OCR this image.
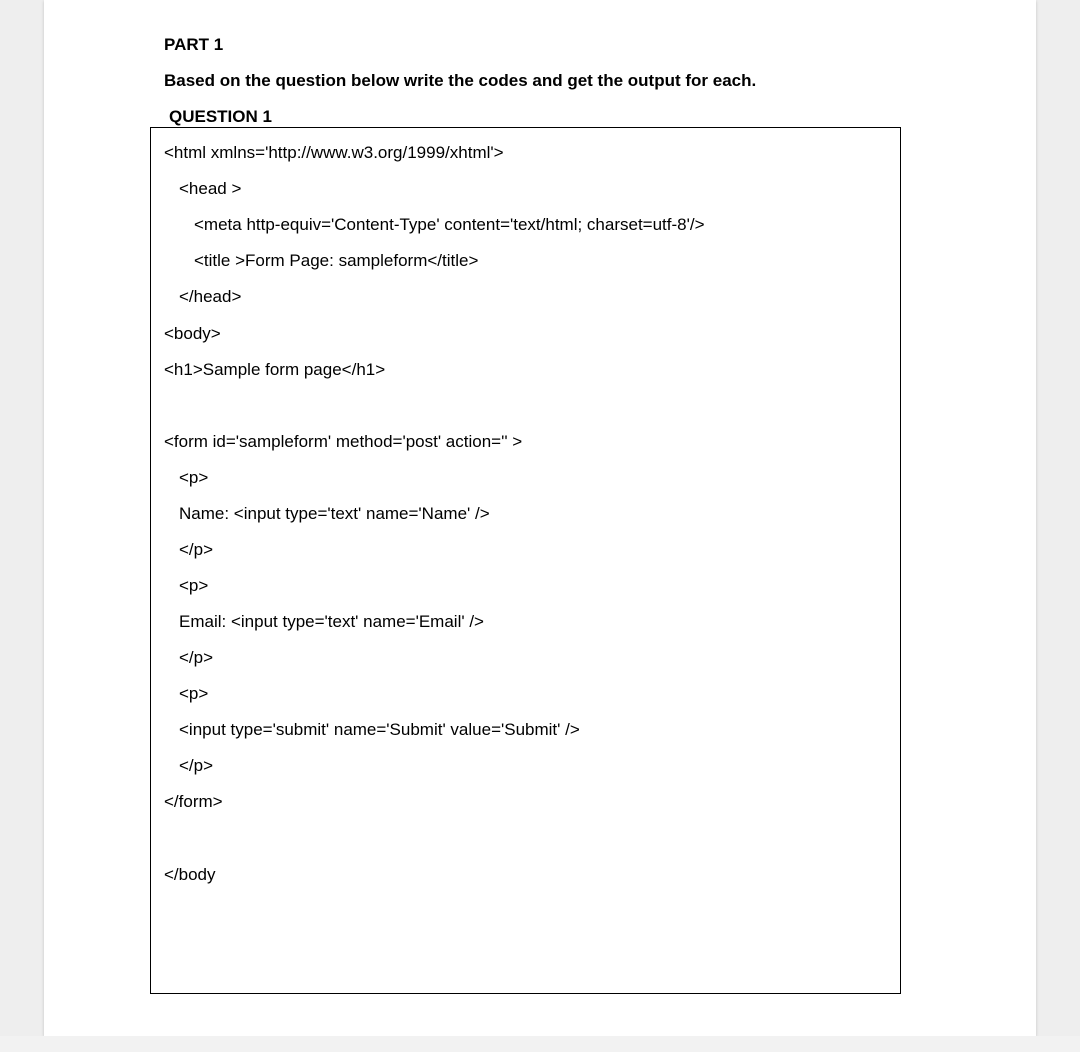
PART 1

Based on the question below write the codes and get the output for each.

QUESTION 1

<html xmlns='http://www.w3.org/1999/xhtml'>

<head >

<meta http-equiv='Content-Type' content='text/html; charset=utf-8'/>

<title >Form Page: sampleform</title>

</head>

<body>

<h1>Sample form page</h1>

<form id='sampleform' method='post' action='' >

<p>

Name: <input type='text' name='Name' />

</p>

<p>

Email: <input type='text' name='Email' />

</p>

<p>

<input type='submit' name='Submit' value='Submit' />

</p>

</form>

</body
